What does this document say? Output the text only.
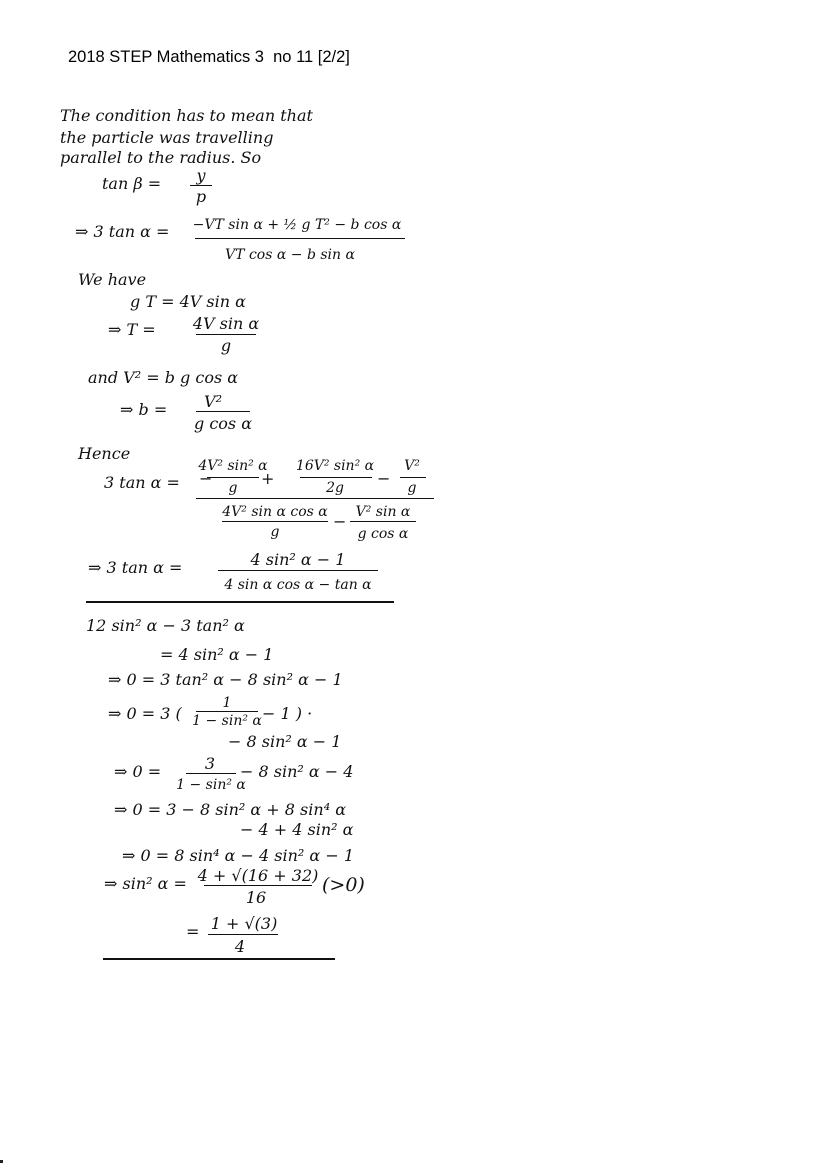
2018 STEP Mathematics 3  no 11 [2/2]
The condition has to mean that
the particle was travelling
parallel to the radius. So
tan β = y
p
⇒ 3 tan α = −VT sin α + ½ g T² − b cos α
VT cos α − b sin α
We have
g T = 4V sin α
⇒ T = 4V sin α
g
and V² = b g cos α
⇒ b = V²
g cos α
Hence
3 tan α = −
4V² sin² α
g +
16V² sin² α
2g −
V²
g
4V² sin α cos α
g
− V² sin α
g cos α
⇒ 3 tan α =	4 sin² α − 1
4 sin α cos α − tan α
12 sin² α − 3 tan² α
= 4 sin² α − 1
⇒ 0 = 3 tan² α − 8 sin² α − 1
⇒ 0 = 3 (
1
1 − sin² α − 1 ) ·
− 8 sin² α − 1
⇒ 0 =	3
1 − sin² α
− 8 sin² α − 4
⇒ 0 = 3 − 8 sin² α + 8 sin⁴ α
− 4 + 4 sin² α
⇒ 0 = 8 sin⁴ α − 4 sin² α − 1
⇒ sin² α = 4 + √(16 + 32)
16
(>0)
= 1 + √(3)
4
